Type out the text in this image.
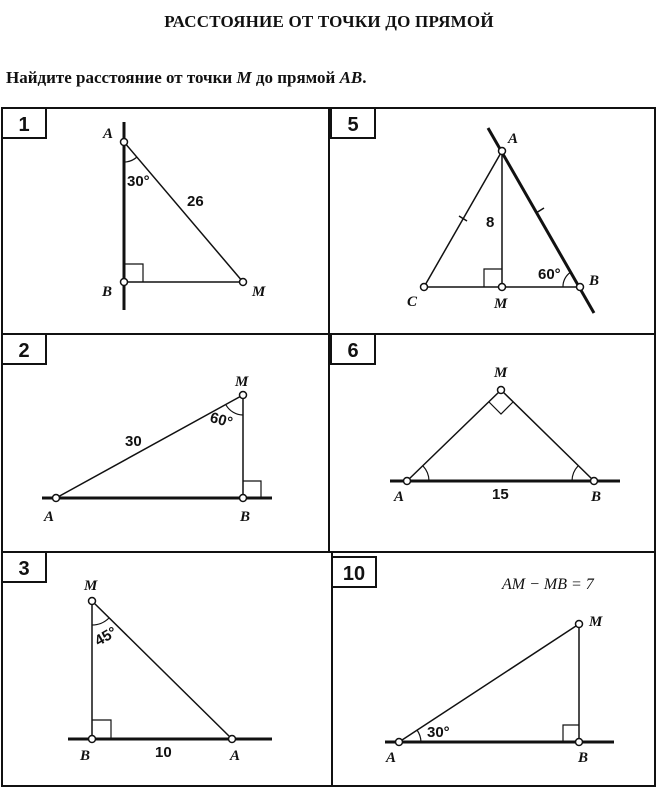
РАССТОЯНИЕ ОТ ТОЧКИ ДО ПРЯМОЙ
Найдите расстояние от точки M до прямой AB.
1	A
B	M
30°
26
2
A	B
M
60°
30
3
M
B	A
45°
10
5
A
C	M
B
8
60°
6
A
M
B
15
10	AM − MB = 7
A
M
B
30°
